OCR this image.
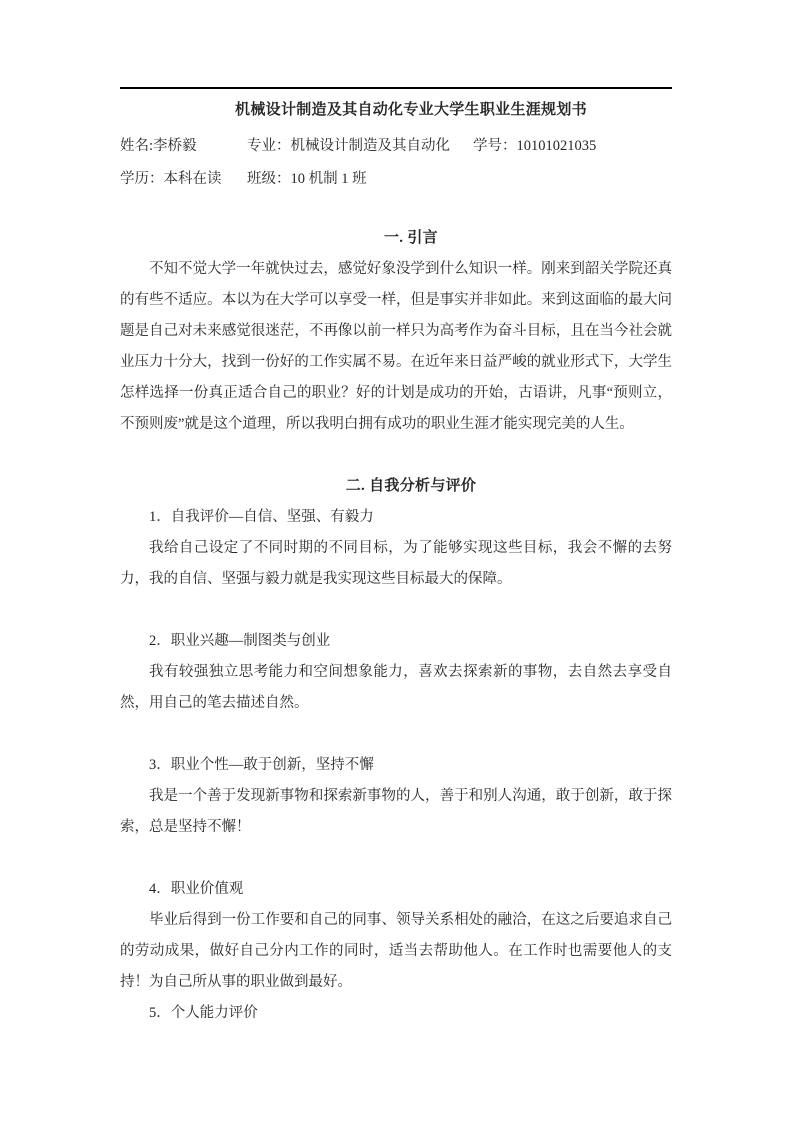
机械设计制造及其自动化专业大学生职业生涯规划书
姓名:李桥毅	专业：机械设计制造及其自动化 学号：10101021035
学历：本科在读 班级：10 机制 1 班
一. 引言

不知不觉大学一年就快过去，感觉好象没学到什么知识一样。刚来到韶关学院还真的有些不适应。本以为在大学可以享受一样，但是事实并非如此。来到这面临的最大问题是自己对未来感觉很迷茫，不再像以前一样只为高考作为奋斗目标，且在当今社会就业压力十分大，找到一份好的工作实属不易。在近年来日益严峻的就业形式下，大学生怎样选择一份真正适合自己的职业？好的计划是成功的开始，古语讲，凡事“预则立，不预则废”就是这个道理，所以我明白拥有成功的职业生涯才能实现完美的人生。

二. 自我分析与评价

1．自我评价—自信、坚强、有毅力

我给自己设定了不同时期的不同目标，为了能够实现这些目标，我会不懈的去努力，我的自信、坚强与毅力就是我实现这些目标最大的保障。

2．职业兴趣—制图类与创业

我有较强独立思考能力和空间想象能力，喜欢去探索新的事物，去自然去享受自然，用自己的笔去描述自然。

3．职业个性—敢于创新，坚持不懈

我是一个善于发现新事物和探索新事物的人，善于和别人沟通，敢于创新，敢于探索，总是坚持不懈！

4．职业价值观

毕业后得到一份工作要和自己的同事、领导关系相处的融洽，在这之后要追求自己的劳动成果，做好自己分内工作的同时，适当去帮助他人。在工作时也需要他人的支持！为自己所从事的职业做到最好。

5．个人能力评价
